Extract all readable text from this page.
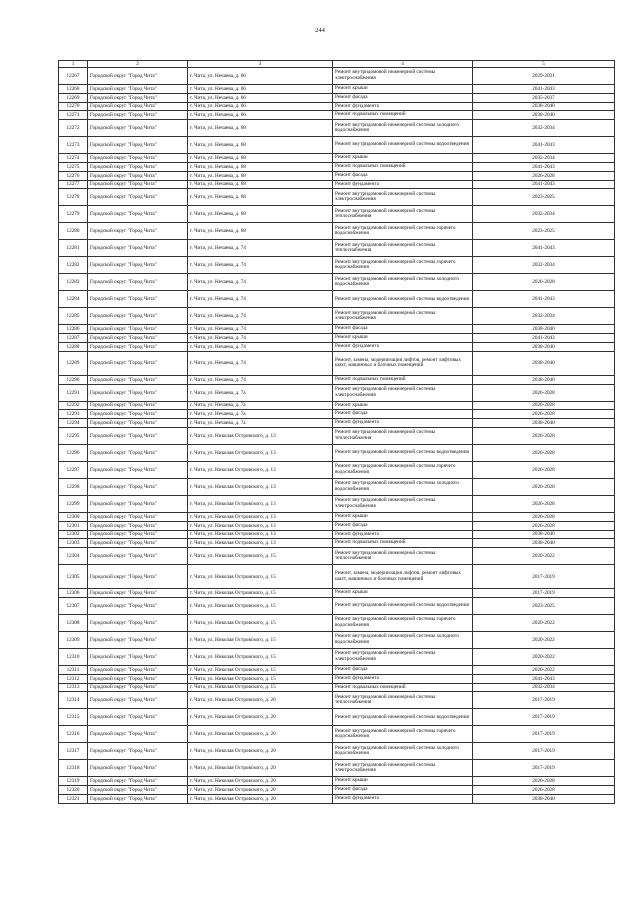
244
1	2	3	4	5
12267	Городской округ "Город Чита"	г. Чита, ул. Нечаева, д. 66	Ремонт внутридомовой инженерной системы электроснабжения	2029-2031
12268	Городской округ "Город Чита"	г. Чита, ул. Нечаева, д. 66	Ремонт крыши	2041-2043
12269	Городской округ "Город Чита"	г. Чита, ул. Нечаева, д. 66	Ремонт фасада	2035-2037
12270	Городской округ "Город Чита"	г. Чита, ул. Нечаева, д. 66	Ремонт фундамента	2038-2040
12271	Городской округ "Город Чита"	г. Чита, ул. Нечаева, д. 66	Ремонт подвальных помещений	2038-2040
12272	Городской округ "Город Чита"	г. Чита, ул. Нечаева, д. 68	Ремонт внутридомовой инженерной системы холодного водоснабжения	2032-2034
12273	Городской округ "Город Чита"	г. Чита, ул. Нечаева, д. 68	Ремонт внутридомовой инженерной системы водоотведения	2041-2043
12274	Городской округ "Город Чита"	г. Чита, ул. Нечаева, д. 68	Ремонт крыши	2032-2034
12275	Городской округ "Город Чита"	г. Чита, ул. Нечаева, д. 68	Ремонт подвальных помещений	2041-2043
12276	Городской округ "Город Чита"	г. Чита, ул. Нечаева, д. 68	Ремонт фасада	2026-2028
12277	Городской округ "Город Чита"	г. Чита, ул. Нечаева, д. 68	Ремонт фундамента	2041-2043
12278	Городской округ "Город Чита"	г. Чита, ул. Нечаева, д. 68	Ремонт внутридомовой инженерной системы электроснабжения	2023-2025
12279	Городской округ "Город Чита"	г. Чита, ул. Нечаева, д. 68	Ремонт внутридомовой инженерной системы теплоснабжения	2032-2034
12280	Городской округ "Город Чита"	г. Чита, ул. Нечаева, д. 68	Ремонт внутридомовой инженерной системы горячего водоснабжения	2023-2025
12281	Городской округ "Город Чита"	г. Чита, ул. Нечаева, д. 74	Ремонт внутридомовой инженерной системы теплоснабжения	2041-2043
12282	Городской округ "Город Чита"	г. Чита, ул. Нечаева, д. 74	Ремонт внутридомовой инженерной системы горячего водоснабжения	2032-2034
12283	Городской округ "Город Чита"	г. Чита, ул. Нечаева, д. 74	Ремонт внутридомовой инженерной системы холодного водоснабжения	2026-2028
12284	Городской округ "Город Чита"	г. Чита, ул. Нечаева, д. 74	Ремонт внутридомовой инженерной системы водоотведения	2041-2043
12285	Городской округ "Город Чита"	г. Чита, ул. Нечаева, д. 74	Ремонт внутридомовой инженерной системы электроснабжения	2032-2034
12286	Городской округ "Город Чита"	г. Чита, ул. Нечаева, д. 74	Ремонт фасада	2038-2040
12287	Городской округ "Город Чита"	г. Чита, ул. Нечаева, д. 74	Ремонт крыши	2041-2043
12288	Городской округ "Город Чита"	г. Чита, ул. Нечаева, д. 74	Ремонт фундамента	2038-2040
12289	Городской округ "Город Чита"	г. Чита, ул. Нечаева, д. 74	Ремонт, замена, модернизация лифтов, ремонт лифтовых шахт, машинных и блочных помещений	2038-2040
12290	Городской округ "Город Чита"	г. Чита, ул. Нечаева, д. 74	Ремонт подвальных помещений	2038-2040
12291	Городской округ "Город Чита"	г. Чита, ул. Нечаева, д. 7а	Ремонт внутридомовой инженерной системы электроснабжения	2026-2028
12292	Городской округ "Город Чита"	г. Чита, ул. Нечаева, д. 7а	Ремонт крыши	2026-2028
12293	Городской округ "Город Чита"	г. Чита, ул. Нечаева, д. 7а	Ремонт фасада	2026-2028
12294	Городской округ "Город Чита"	г. Чита, ул. Нечаева, д. 7а	Ремонт фундамента	2038-2040
12295	Городской округ "Город Чита"	г. Чита, ул. Николая Островского, д. 13	Ремонт внутридомовой инженерной системы теплоснабжения	2026-2028
12296	Городской округ "Город Чита"	г. Чита, ул. Николая Островского, д. 13	Ремонт внутридомовой инженерной системы водоотведения	2026-2028
12297	Городской округ "Город Чита"	г. Чита, ул. Николая Островского, д. 13	Ремонт внутридомовой инженерной системы горячего водоснабжения	2026-2028
12298	Городской округ "Город Чита"	г. Чита, ул. Николая Островского, д. 13	Ремонт внутридомовой инженерной системы холодного водоснабжения	2026-2028
12299	Городской округ "Город Чита"	г. Чита, ул. Николая Островского, д. 13	Ремонт внутридомовой инженерной системы электроснабжения	2026-2028
12300	Городской округ "Город Чита"	г. Чита, ул. Николая Островского, д. 13	Ремонт крыши	2026-2028
12301	Городской округ "Город Чита"	г. Чита, ул. Николая Островского, д. 13	Ремонт фасада	2026-2028
12302	Городской округ "Город Чита"	г. Чита, ул. Николая Островского, д. 13	Ремонт фундамента	2038-2040
12303	Городской округ "Город Чита"	г. Чита, ул. Николая Островского, д. 13	Ремонт подвальных помещений	2038-2040
12304	Городской округ "Город Чита"	г. Чита, ул. Николая Островского, д. 15	Ремонт внутридомовой инженерной системы теплоснабжения	2020-2022
12305	Городской округ "Город Чита"	г. Чита, ул. Николая Островского, д. 15	Ремонт, замена, модернизация лифтов, ремонт лифтовых шахт, машинных и блочных помещений	2017-2019
12306	Городской округ "Город Чита"	г. Чита, ул. Николая Островского, д. 15	Ремонт крыши	2017-2019
12307	Городской округ "Город Чита"	г. Чита, ул. Николая Островского, д. 15	Ремонт внутридомовой инженерной системы водоотведения	2023-2025
12308	Городской округ "Город Чита"	г. Чита, ул. Николая Островского, д. 15	Ремонт внутридомовой инженерной системы горячего водоснабжения	2020-2022
12309	Городской округ "Город Чита"	г. Чита, ул. Николая Островского, д. 15	Ремонт внутридомовой инженерной системы холодного водоснабжения	2020-2022
12310	Городской округ "Город Чита"	г. Чита, ул. Николая Островского, д. 15	Ремонт внутридомовой инженерной системы электроснабжения	2020-2022
12311	Городской округ "Город Чита"	г. Чита, ул. Николая Островского, д. 15	Ремонт фасада	2020-2022
12312	Городской округ "Город Чита"	г. Чита, ул. Николая Островского, д. 15	Ремонт фундамента	2041-2043
12313	Городской округ "Город Чита"	г. Чита, ул. Николая Островского, д. 15	Ремонт подвальных помещений	2032-2034
12314	Городской округ "Город Чита"	г. Чита, ул. Николая Островского, д. 20	Ремонт внутридомовой инженерной системы теплоснабжения	2017-2019
12315	Городской округ "Город Чита"	г. Чита, ул. Николая Островского, д. 20	Ремонт внутридомовой инженерной системы водоотведения	2017-2019
12316	Городской округ "Город Чита"	г. Чита, ул. Николая Островского, д. 20	Ремонт внутридомовой инженерной системы горячего водоснабжения	2017-2019
12317	Городской округ "Город Чита"	г. Чита, ул. Николая Островского, д. 20	Ремонт внутридомовой инженерной системы холодного водоснабжения	2017-2019
12318	Городской округ "Город Чита"	г. Чита, ул. Николая Островского, д. 20	Ремонт внутридомовой инженерной системы электроснабжения	2017-2019
12319	Городской округ "Город Чита"	г. Чита, ул. Николая Островского, д. 20	Ремонт крыши	2026-2028
12320	Городской округ "Город Чита"	г. Чита, ул. Николая Островского, д. 20	Ремонт фасада	2026-2028
12321	Городской округ "Город Чита"	г. Чита, ул. Николая Островского, д. 20	Ремонт фундамента	2038-2040
